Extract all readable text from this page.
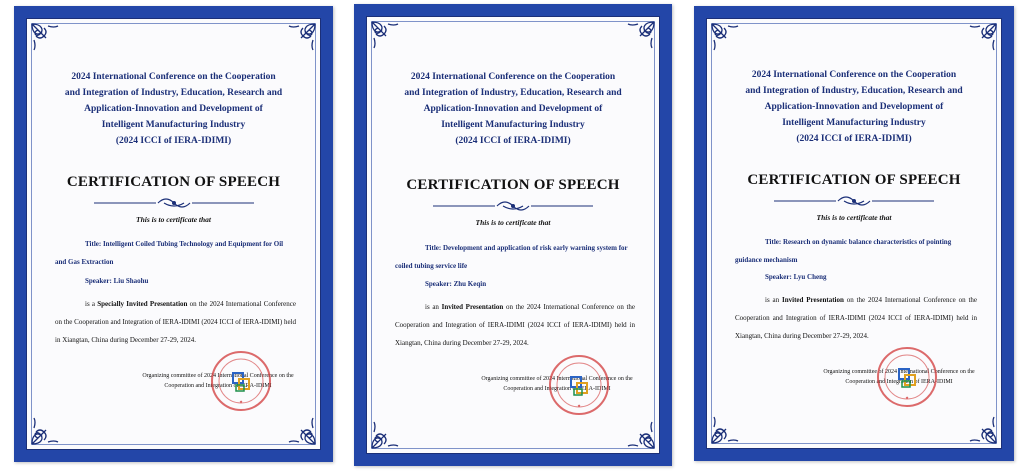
2024 International Conference on the Cooperation
and Integration of Industry, Education, Research and
Application-Innovation and Development of
Intelligent Manufacturing Industry
(2024 ICCI of IERA-IDIMI)
CERTIFICATION OF SPEECH
This is to certificate that
Title: Intelligent Coiled Tubing Technology and Equipment for Oil and Gas Extraction
Speaker: Liu Shaohu
is a Specially Invited Presentation on the 2024 International Conference on the Cooperation and Integration of IERA-IDIMI (2024 ICCI of IERA-IDIMI) held in Xiangtan, China during December 27-29, 2024.
Organizing committee of 2024 International Conference on the
Cooperation and Integration of IERA-IDIMI
★
2024 International Conference on the Cooperation
and Integration of Industry, Education, Research and
Application-Innovation and Development of
Intelligent Manufacturing Industry
(2024 ICCI of IERA-IDIMI)
CERTIFICATION OF SPEECH
This is to certificate that
Title: Development and application of risk early warning system for coiled tubing service life
Speaker: Zhu Keqin
is an Invited Presentation on the 2024 International Conference on the Cooperation and Integration of IERA-IDIMI (2024 ICCI of IERA-IDIMI) held in Xiangtan, China during December 27-29, 2024.
Organizing committee of 2024 International Conference on the
Cooperation and Integration of IERA-IDIMI
★
2024 International Conference on the Cooperation
and Integration of Industry, Education, Research and
Application-Innovation and Development of
Intelligent Manufacturing Industry
(2024 ICCI of IERA-IDIMI)
CERTIFICATION OF SPEECH
This is to certificate that
Title: Research on dynamic balance characteristics of pointing guidance mechanism
Speaker: Lyu Cheng
is an Invited Presentation on the 2024 International Conference on the Cooperation and Integration of IERA-IDIMI (2024 ICCI of IERA-IDIMI) held in Xiangtan, China during December 27-29, 2024.
Organizing committee of 2024 International Conference on the
Cooperation and Integration of IERA-IDIMI
★
